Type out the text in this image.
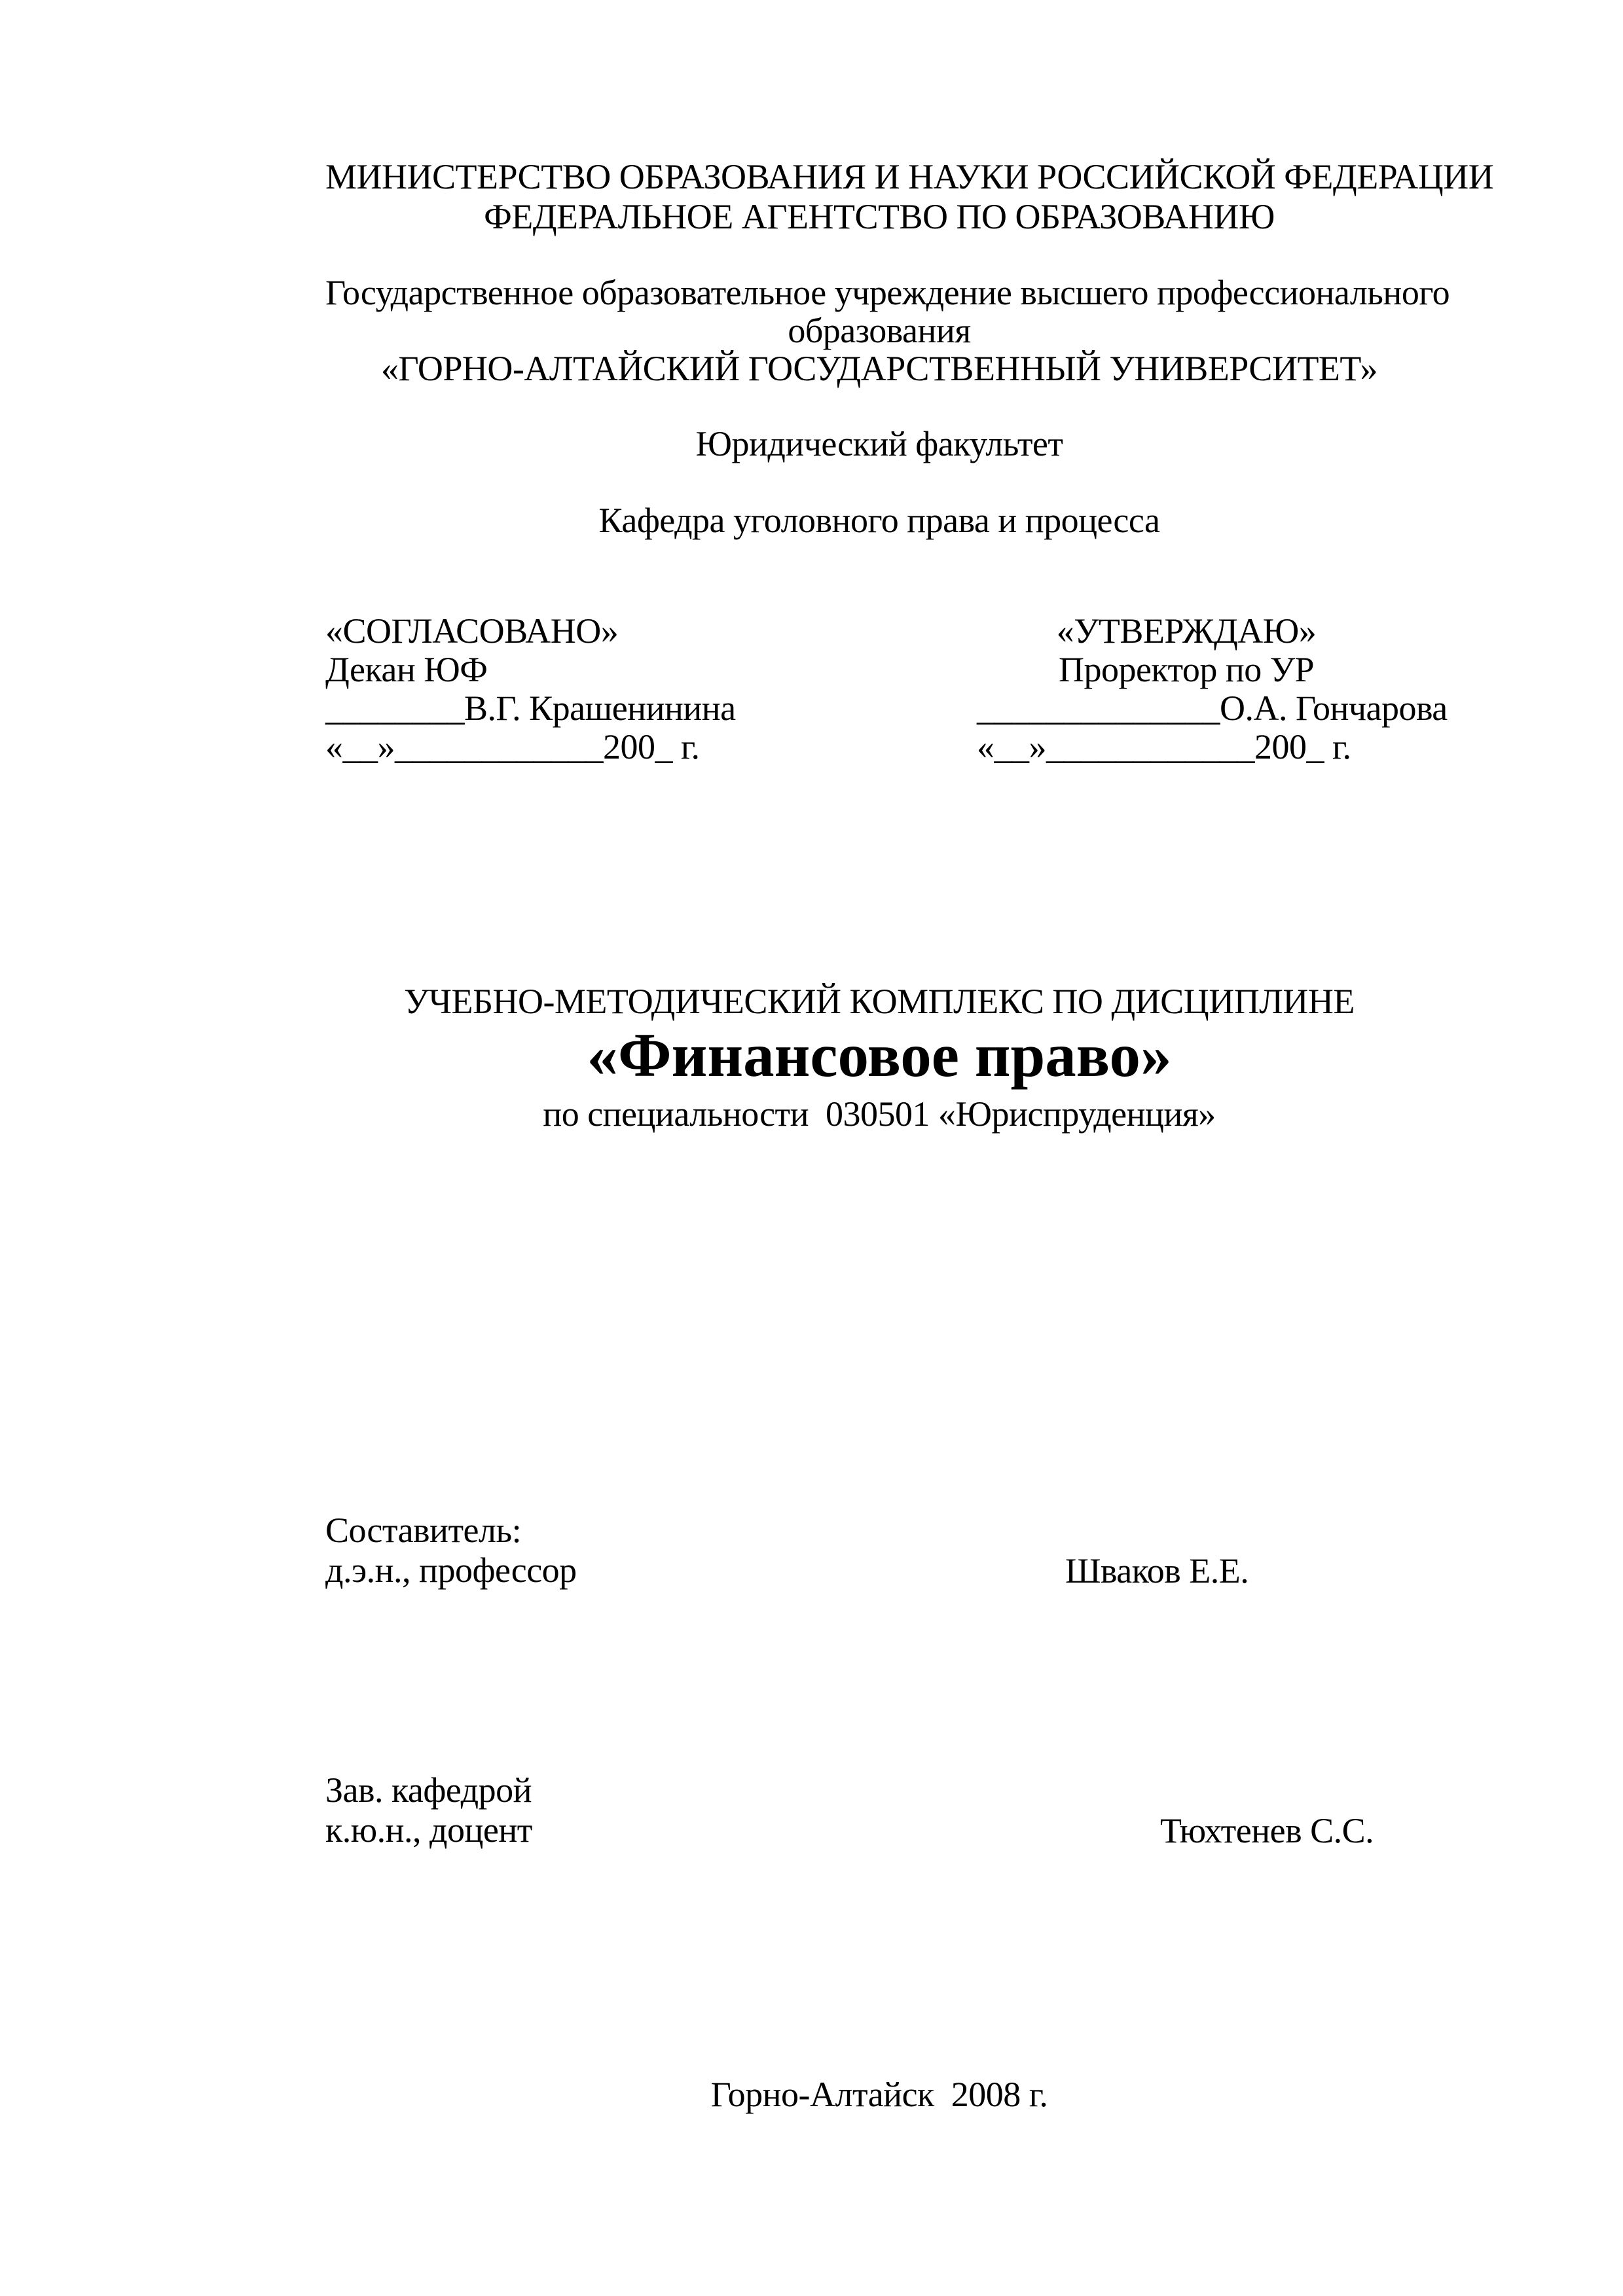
МИНИСТЕРСТВО ОБРАЗОВАНИЯ И НАУКИ РОССИЙСКОЙ ФЕДЕРАЦИИ
ФЕДЕРАЛЬНОЕ АГЕНТСТВО ПО ОБРАЗОВАНИЮ
Государственное образовательное учреждение высшего профессионального
образования
«ГОРНО-АЛТАЙСКИЙ ГОСУДАРСТВЕННЫЙ УНИВЕРСИТЕТ»
Юридический факультет
Кафедра уголовного права и процесса
«СОГЛАСОВАНО»
Декан ЮФ
________В.Г. Крашенинина
«__»____________200_ г.
«УТВЕРЖДАЮ»
Проректор по УР
______________О.А. Гончарова
«__»____________200_ г.
УЧЕБНО-МЕТОДИЧЕСКИЙ КОМПЛЕКС ПО ДИСЦИПЛИНЕ
«Финансовое право»
по специальности  030501 «Юриспруденция»
Составитель:
д.э.н., профессор	Шваков Е.Е.
Зав. кафедрой
к.ю.н., доцент	Тюхтенев С.С.
Горно-Алтайск  2008 г.
